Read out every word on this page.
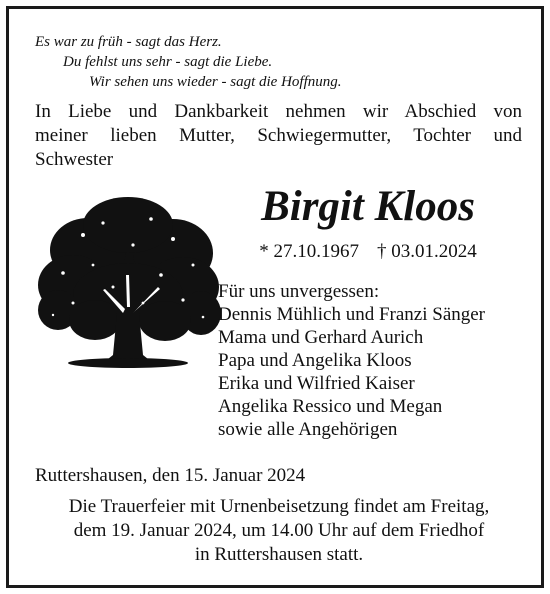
Es war zu früh - sagt das Herz.
Du fehlst uns sehr - sagt die Liebe.
Wir sehen uns wieder - sagt die Hoffnung.
In Liebe und Dankbarkeit nehmen wir Abschied von
meiner lieben Mutter, Schwiegermutter, Tochter und
Schwester
Birgit Kloos
* 27.10.1967 † 03.01.2024
Für uns unvergessen:
Dennis Mühlich und Franzi Sänger
Mama und Gerhard Aurich
Papa und Angelika Kloos
Erika und Wilfried Kaiser
Angelika Ressico und Megan
sowie alle Angehörigen
Ruttershausen, den 15. Januar 2024
Die Trauerfeier mit Urnenbeisetzung findet am Freitag,
dem 19. Januar 2024, um 14.00 Uhr auf dem Friedhof
in Ruttershausen statt.
